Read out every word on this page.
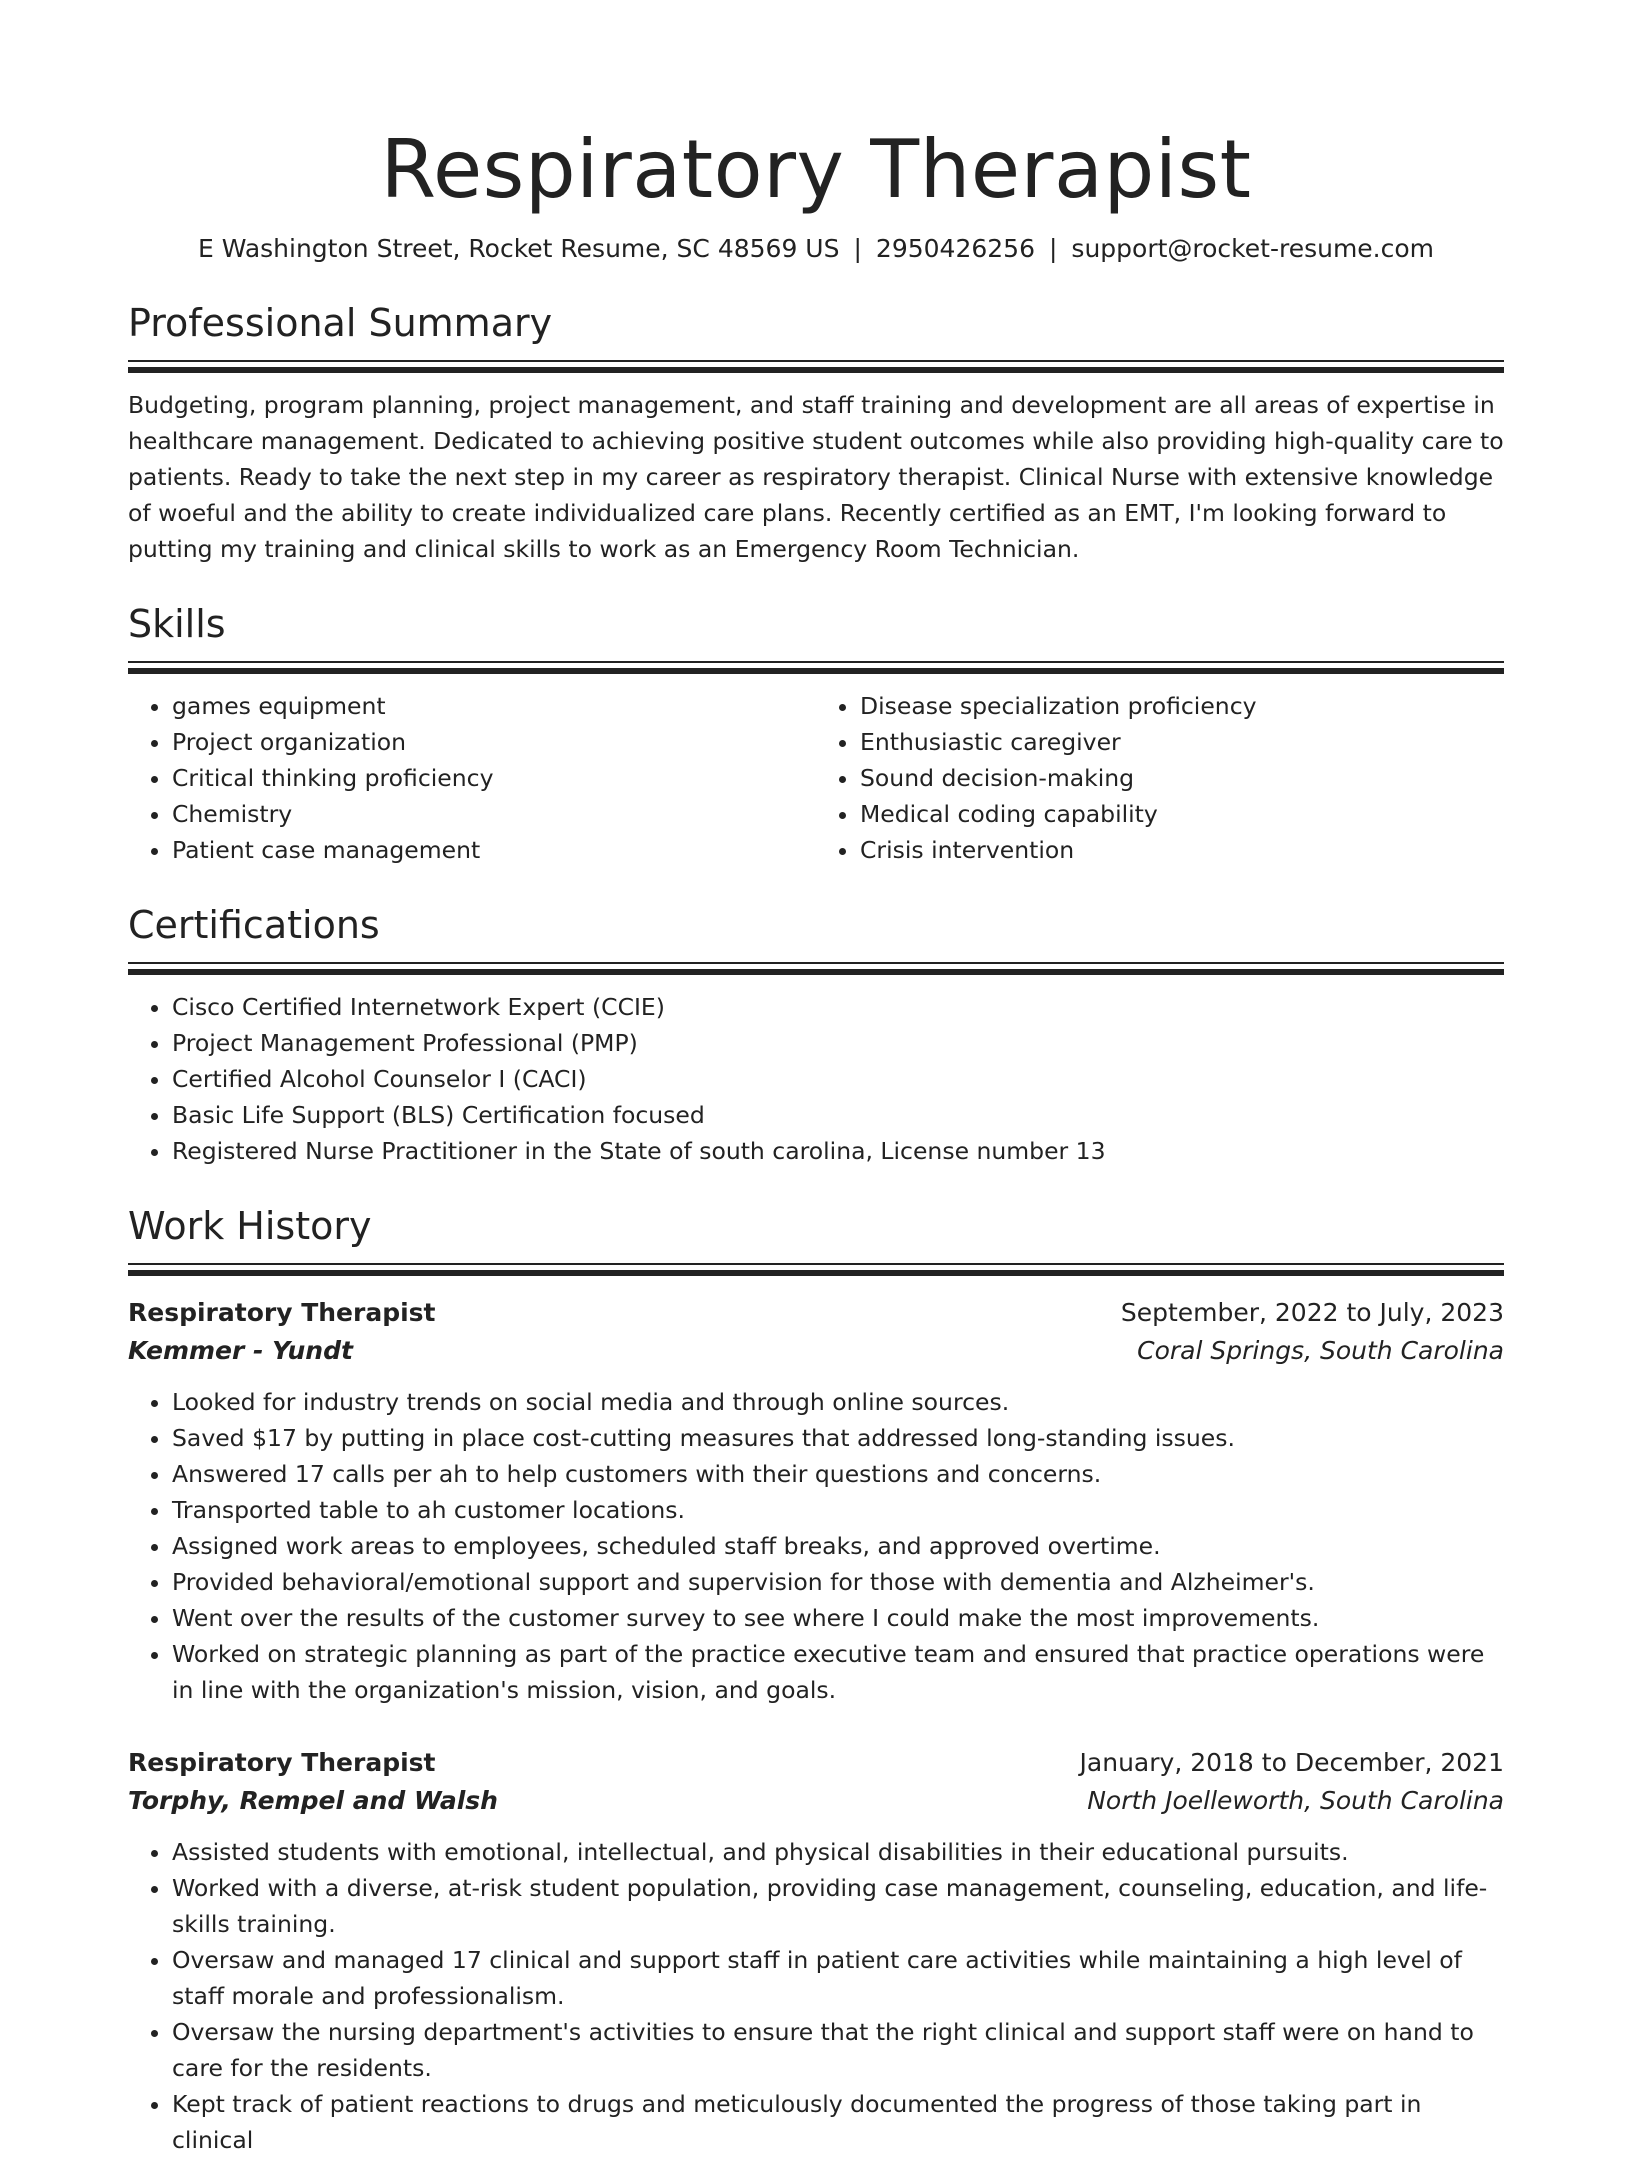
Respiratory Therapist
E Washington Street, Rocket Resume, SC 48569 US | 2950426256 | support@rocket-resume.com
Professional Summary
Budgeting, program planning, project management, and staff training and development are all areas of expertise in healthcare management. Dedicated to achieving positive student outcomes while also providing high-quality care to patients. Ready to take the next step in my career as respiratory therapist. Clinical Nurse with extensive knowledge of woeful and the ability to create individualized care plans. Recently certified as an EMT, I'm looking forward to putting my training and clinical skills to work as an Emergency Room Technician.
Skills
• games equipment
• Project organization
• Critical thinking proficiency
• Chemistry
• Patient case management
• Disease specialization proficiency
• Enthusiastic caregiver
• Sound decision-making
• Medical coding capability
• Crisis intervention
Certifications
• Cisco Certified Internetwork Expert (CCIE)
• Project Management Professional (PMP)
• Certified Alcohol Counselor I (CACI)
• Basic Life Support (BLS) Certification focused
• Registered Nurse Practitioner in the State of south carolina, License number 13
Work History
Respiratory Therapist	September, 2022 to July, 2023
Kemmer - Yundt	Coral Springs, South Carolina
• Looked for industry trends on social media and through online sources.
• Saved $17 by putting in place cost-cutting measures that addressed long-standing issues.
• Answered 17 calls per ah to help customers with their questions and concerns.
• Transported table to ah customer locations.
• Assigned work areas to employees, scheduled staff breaks, and approved overtime.
• Provided behavioral/emotional support and supervision for those with dementia and Alzheimer's.
• Went over the results of the customer survey to see where I could make the most improvements.
• Worked on strategic planning as part of the practice executive team and ensured that practice operations were in line with the organization's mission, vision, and goals.
Respiratory Therapist	January, 2018 to December, 2021
Torphy, Rempel and Walsh	North Joelleworth, South Carolina
• Assisted students with emotional, intellectual, and physical disabilities in their educational pursuits.
• Worked with a diverse, at-risk student population, providing case management, counseling, education, and life-skills training.
• Oversaw and managed 17 clinical and support staff in patient care activities while maintaining a high level of staff morale and professionalism.
• Oversaw the nursing department's activities to ensure that the right clinical and support staff were on hand to care for the residents.
• Kept track of patient reactions to drugs and meticulously documented the progress of those taking part in clinical
